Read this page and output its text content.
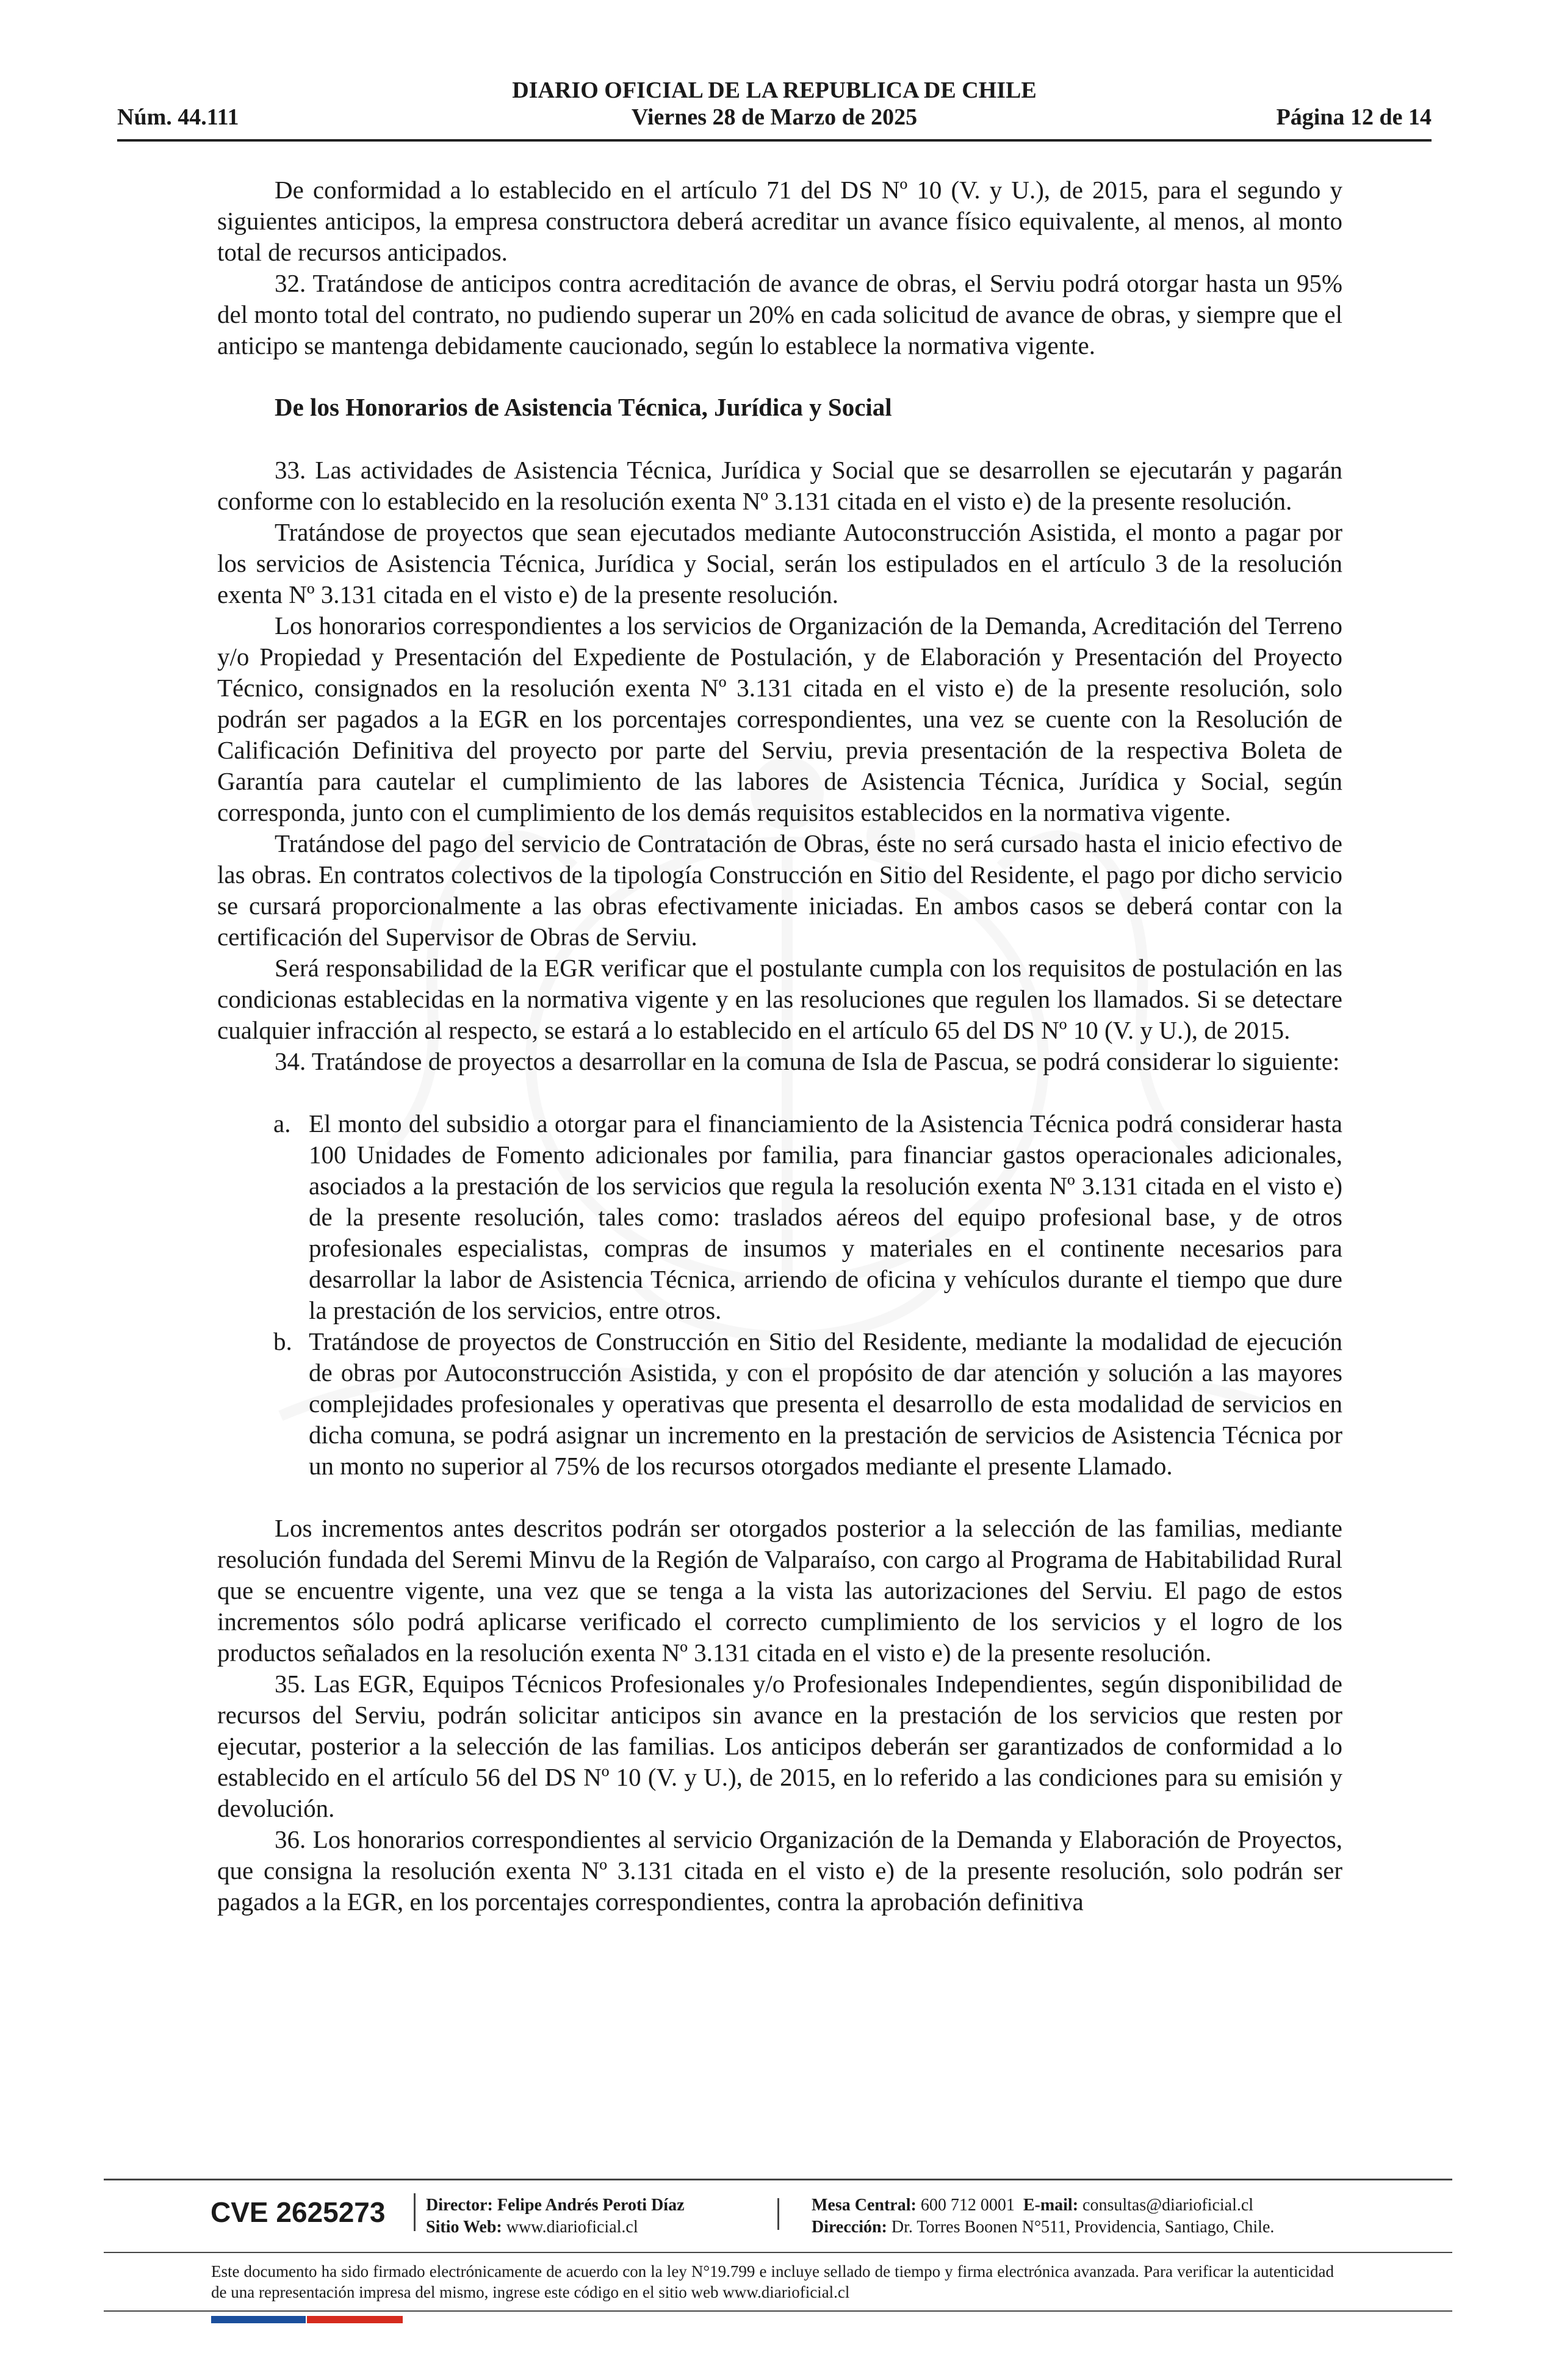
DIARIO OFICIAL DE LA REPUBLICA DE CHILE
Núm. 44.111	Viernes 28 de Marzo de 2025	Página 12 de 14

De conformidad a lo establecido en el artículo 71 del DS Nº 10 (V. y U.), de 2015, para el segundo y siguientes anticipos, la empresa constructora deberá acreditar un avance físico equivalente, al menos, al monto total de recursos anticipados.

32. Tratándose de anticipos contra acreditación de avance de obras, el Serviu podrá otorgar hasta un 95% del monto total del contrato, no pudiendo superar un 20% en cada solicitud de avance de obras, y siempre que el anticipo se mantenga debidamente caucionado, según lo establece la normativa vigente.

De los Honorarios de Asistencia Técnica, Jurídica y Social

33. Las actividades de Asistencia Técnica, Jurídica y Social que se desarrollen se ejecutarán y pagarán conforme con lo establecido en la resolución exenta Nº 3.131 citada en el visto e) de la presente resolución.

Tratándose de proyectos que sean ejecutados mediante Autoconstrucción Asistida, el monto a pagar por los servicios de Asistencia Técnica, Jurídica y Social, serán los estipulados en el artículo 3 de la resolución exenta Nº 3.131 citada en el visto e) de la presente resolución.

Los honorarios correspondientes a los servicios de Organización de la Demanda, Acreditación del Terreno y/o Propiedad y Presentación del Expediente de Postulación, y de Elaboración y Presentación del Proyecto Técnico, consignados en la resolución exenta Nº 3.131 citada en el visto e) de la presente resolución, solo podrán ser pagados a la EGR en los porcentajes correspondientes, una vez se cuente con la Resolución de Calificación Definitiva del proyecto por parte del Serviu, previa presentación de la respectiva Boleta de Garantía para cautelar el cumplimiento de las labores de Asistencia Técnica, Jurídica y Social, según corresponda, junto con el cumplimiento de los demás requisitos establecidos en la normativa vigente.

Tratándose del pago del servicio de Contratación de Obras, éste no será cursado hasta el inicio efectivo de las obras. En contratos colectivos de la tipología Construcción en Sitio del Residente, el pago por dicho servicio se cursará proporcionalmente a las obras efectivamente iniciadas. En ambos casos se deberá contar con la certificación del Supervisor de Obras de Serviu.

Será responsabilidad de la EGR verificar que el postulante cumpla con los requisitos de postulación en las condicionas establecidas en la normativa vigente y en las resoluciones que regulen los llamados. Si se detectare cualquier infracción al respecto, se estará a lo establecido en el artículo 65 del DS Nº 10 (V. y U.), de 2015.

34. Tratándose de proyectos a desarrollar en la comuna de Isla de Pascua, se podrá considerar lo siguiente:

a. El monto del subsidio a otorgar para el financiamiento de la Asistencia Técnica podrá considerar hasta 100 Unidades de Fomento adicionales por familia, para financiar gastos operacionales adicionales, asociados a la prestación de los servicios que regula la resolución exenta Nº 3.131 citada en el visto e) de la presente resolución, tales como: traslados aéreos del equipo profesional base, y de otros profesionales especialistas, compras de insumos y materiales en el continente necesarios para desarrollar la labor de Asistencia Técnica, arriendo de oficina y vehículos durante el tiempo que dure la prestación de los servicios, entre otros.
b. Tratándose de proyectos de Construcción en Sitio del Residente, mediante la modalidad de ejecución de obras por Autoconstrucción Asistida, y con el propósito de dar atención y solución a las mayores complejidades profesionales y operativas que presenta el desarrollo de esta modalidad de servicios en dicha comuna, se podrá asignar un incremento en la prestación de servicios de Asistencia Técnica por un monto no superior al 75% de los recursos otorgados mediante el presente Llamado.

Los incrementos antes descritos podrán ser otorgados posterior a la selección de las familias, mediante resolución fundada del Seremi Minvu de la Región de Valparaíso, con cargo al Programa de Habitabilidad Rural que se encuentre vigente, una vez que se tenga a la vista las autorizaciones del Serviu. El pago de estos incrementos sólo podrá aplicarse verificado el correcto cumplimiento de los servicios y el logro de los productos señalados en la resolución exenta Nº 3.131 citada en el visto e) de la presente resolución.

35. Las EGR, Equipos Técnicos Profesionales y/o Profesionales Independientes, según disponibilidad de recursos del Serviu, podrán solicitar anticipos sin avance en la prestación de los servicios que resten por ejecutar, posterior a la selección de las familias. Los anticipos deberán ser garantizados de conformidad a lo establecido en el artículo 56 del DS Nº 10 (V. y U.), de 2015, en lo referido a las condiciones para su emisión y devolución.

36. Los honorarios correspondientes al servicio Organización de la Demanda y Elaboración de Proyectos, que consigna la resolución exenta Nº 3.131 citada en el visto e) de la presente resolución, solo podrán ser pagados a la EGR, en los porcentajes correspondientes, contra la aprobación definitiva

CVE 2625273 Director: Felipe Andrés Peroti Díaz
Sitio Web: www.diarioficial.cl
Mesa Central: 600 712 0001 E-mail: consultas@diarioficial.cl
Dirección: Dr. Torres Boonen N°511, Providencia, Santiago, Chile.
Este documento ha sido firmado electrónicamente de acuerdo con la ley N°19.799 e incluye sellado de tiempo y firma electrónica avanzada. Para verificar la autenticidad de una representación impresa del mismo, ingrese este código en el sitio web www.diarioficial.cl
